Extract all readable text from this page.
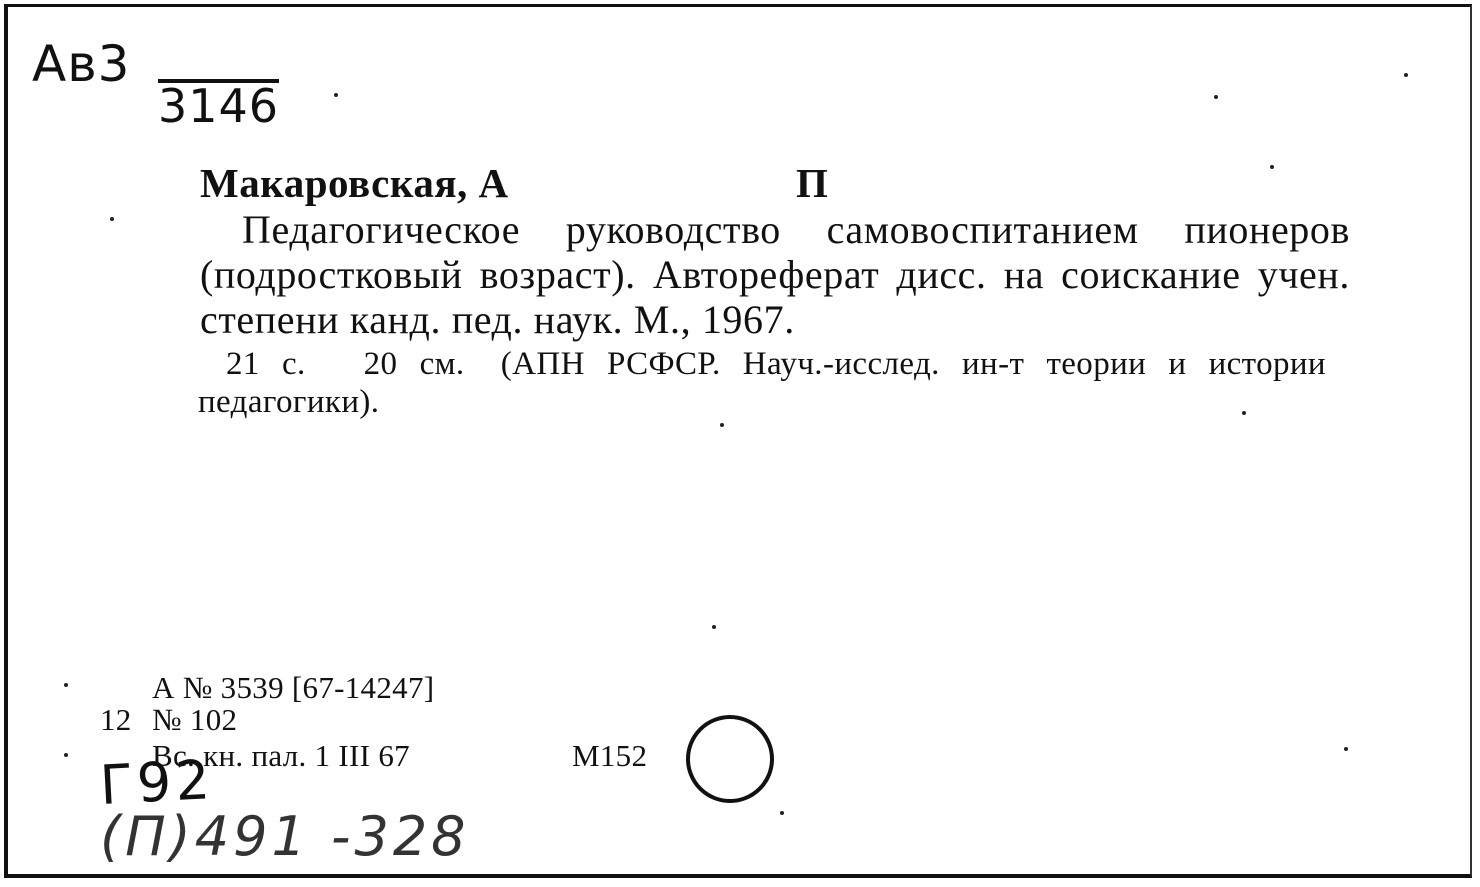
Ав3
3146
Макаровская, А	П
Педагогическое руководство самовоспитанием пионеров (подростковый возраст). Автореферат дисс. на соискание учен. степени канд. пед. наук. М., 1967.
21 с. 20 см. (АПН РСФСР. Науч.-исслед. ин-т теории и истории педагогики).
А № 3539 [67-14247]
12 № 102
Вс. кн. пал. 1 III 67	М152
Г92
(П)491 -328
